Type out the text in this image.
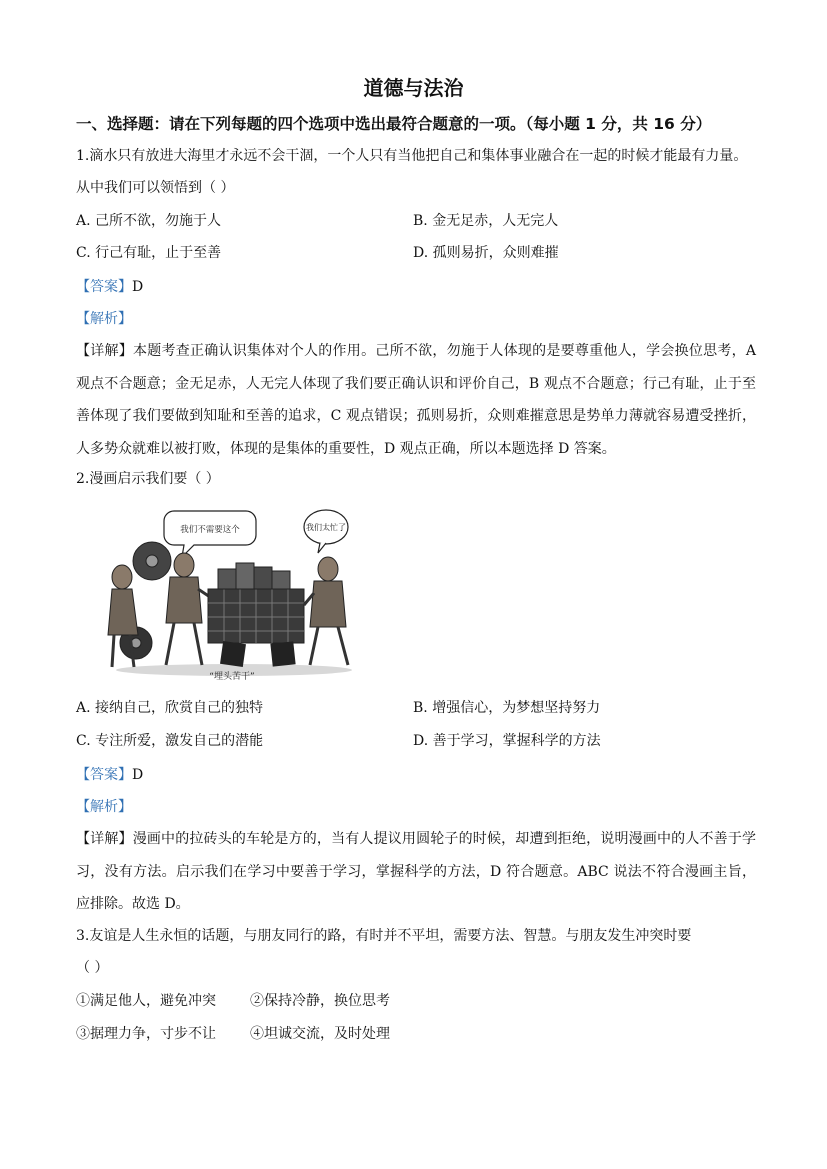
道德与法治
一、选择题：请在下列每题的四个选项中选出最符合题意的一项。（每小题 1 分，共 16 分）
1.滴水只有放进大海里才永远不会干涸，一个人只有当他把自己和集体事业融合在一起的时候才能最有力量。
从中我们可以领悟到（ ）
A. 己所不欲，勿施于人	B. 金无足赤，人无完人
C. 行己有耻，止于至善	D. 孤则易折，众则难摧
【答案】D
【解析】
【详解】本题考查正确认识集体对个人的作用。己所不欲，勿施于人体现的是要尊重他人，学会换位思考，A 观点不合题意；金无足赤，人无完人体现了我们要正确认识和评价自己，B 观点不合题意；行己有耻，止于至善体现了我们要做到知耻和至善的追求，C 观点错误；孤则易折，众则难摧意思是势单力薄就容易遭受挫折，人多势众就难以被打败，体现的是集体的重要性，D 观点正确，所以本题选择 D 答案。
2.漫画启示我们要（ ）
我们不需要这个	我们太忙了
“埋头苦干”
A. 接纳自己，欣赏自己的独特	B. 增强信心，为梦想坚持努力
C. 专注所爱，激发自己的潜能	D. 善于学习，掌握科学的方法
【答案】D
【解析】
【详解】漫画中的拉砖头的车轮是方的，当有人提议用圆轮子的时候，却遭到拒绝，说明漫画中的人不善于学习，没有方法。启示我们在学习中要善于学习，掌握科学的方法，D 符合题意。ABC 说法不符合漫画主旨，应排除。故选 D。
3.友谊是人生永恒的话题，与朋友同行的路，有时并不平坦，需要方法、智慧。与朋友发生冲突时要
（ ）
①满足他人，避免冲突 ②保持冷静，换位思考
③据理力争，寸步不让 ④坦诚交流，及时处理
